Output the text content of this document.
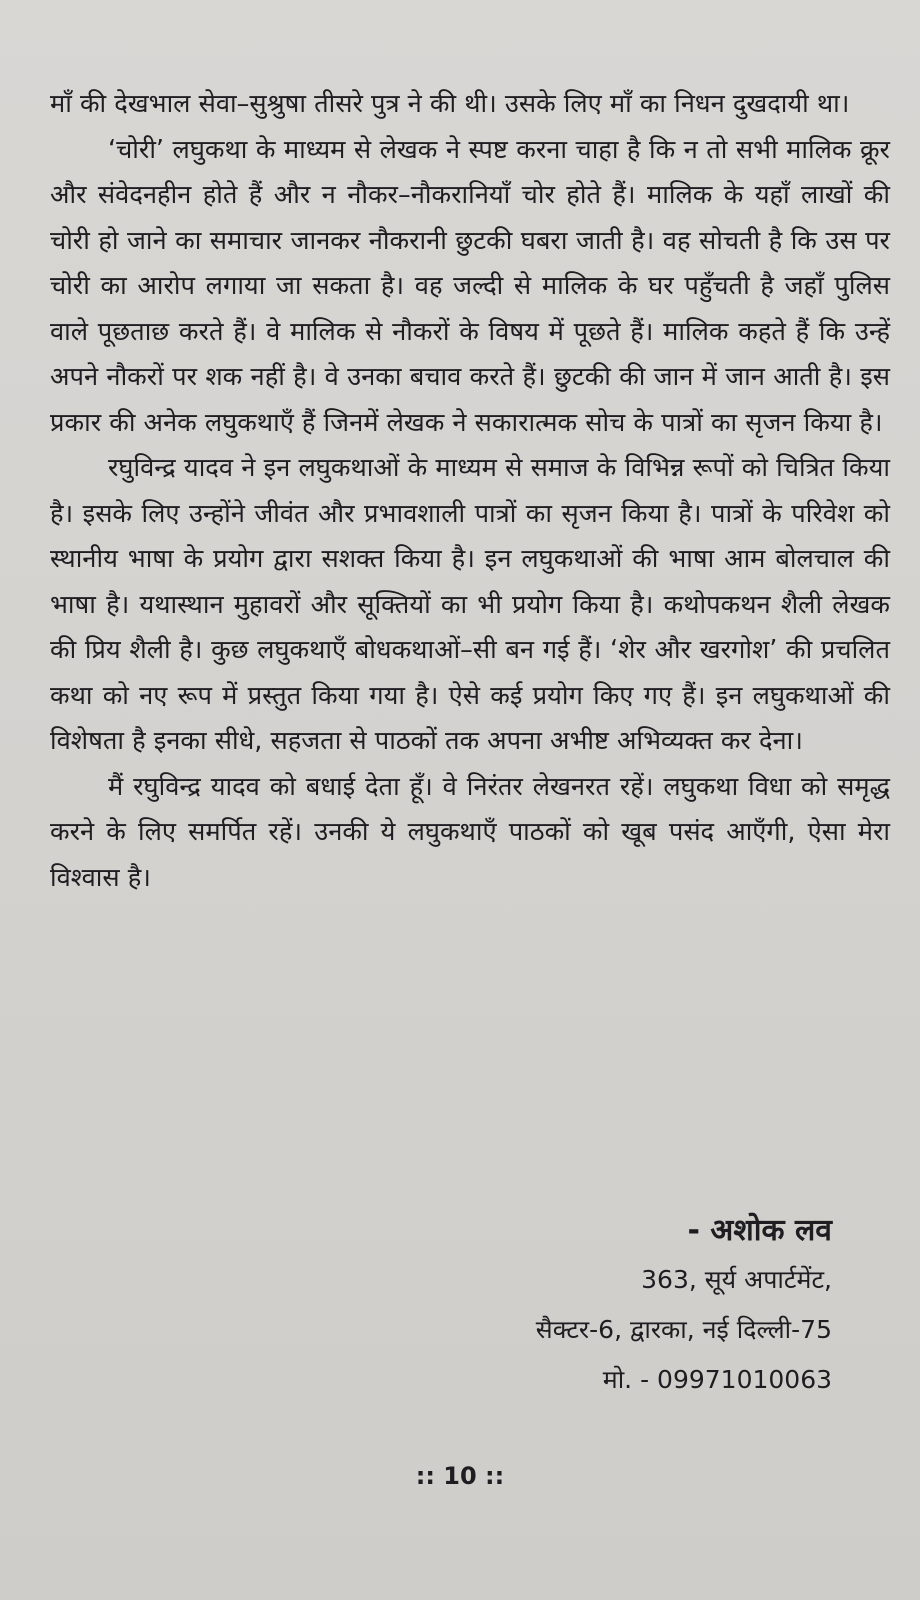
माँ की देखभाल सेवा–सुश्रुषा तीसरे पुत्र ने की थी। उसके लिए माँ का निधन दुखदायी था।

‘चोरी’ लघुकथा के माध्यम से लेखक ने स्पष्ट करना चाहा है कि न तो सभी मालिक क्रूर और संवेदनहीन होते हैं और न नौकर–नौकरानियाँ चोर होते हैं। मालिक के यहाँ लाखों की चोरी हो जाने का समाचार जानकर नौकरानी छुटकी घबरा जाती है। वह सोचती है कि उस पर चोरी का आरोप लगाया जा सकता है। वह जल्दी से मालिक के घर पहुँचती है जहाँ पुलिस वाले पूछताछ करते हैं। वे मालिक से नौकरों के विषय में पूछते हैं। मालिक कहते हैं कि उन्हें अपने नौकरों पर शक नहीं है। वे उनका बचाव करते हैं। छुटकी की जान में जान आती है। इस प्रकार की अनेक लघुकथाएँ हैं जिनमें लेखक ने सकारात्मक सोच के पात्रों का सृजन किया है।

रघुविन्द्र यादव ने इन लघुकथाओं के माध्यम से समाज के विभिन्न रूपों को चित्रित किया है। इसके लिए उन्होंने जीवंत और प्रभावशाली पात्रों का सृजन किया है। पात्रों के परिवेश को स्थानीय भाषा के प्रयोग द्वारा सशक्त किया है। इन लघुकथाओं की भाषा आम बोलचाल की भाषा है। यथास्थान मुहावरों और सूक्तियों का भी प्रयोग किया है। कथोपकथन शैली लेखक की प्रिय शैली है। कुछ लघुकथाएँ बोधकथाओं–सी बन गई हैं। ‘शेर और खरगोश’ की प्रचलित कथा को नए रूप में प्रस्तुत किया गया है। ऐसे कई प्रयोग किए गए हैं। इन लघुकथाओं की विशेषता है इनका सीधे, सहजता से पाठकों तक अपना अभीष्ट अभिव्यक्त कर देना।

मैं रघुविन्द्र यादव को बधाई देता हूँ। वे निरंतर लेखनरत रहें। लघुकथा विधा को समृद्ध करने के लिए समर्पित रहें। उनकी ये लघुकथाएँ पाठकों को खूब पसंद आएँगी, ऐसा मेरा विश्वास है।

- अशोक लव
363, सूर्य अपार्टमेंट,
सैक्टर-6, द्वारका, नई दिल्ली-75
मो. - 09971010063
:: 10 ::
